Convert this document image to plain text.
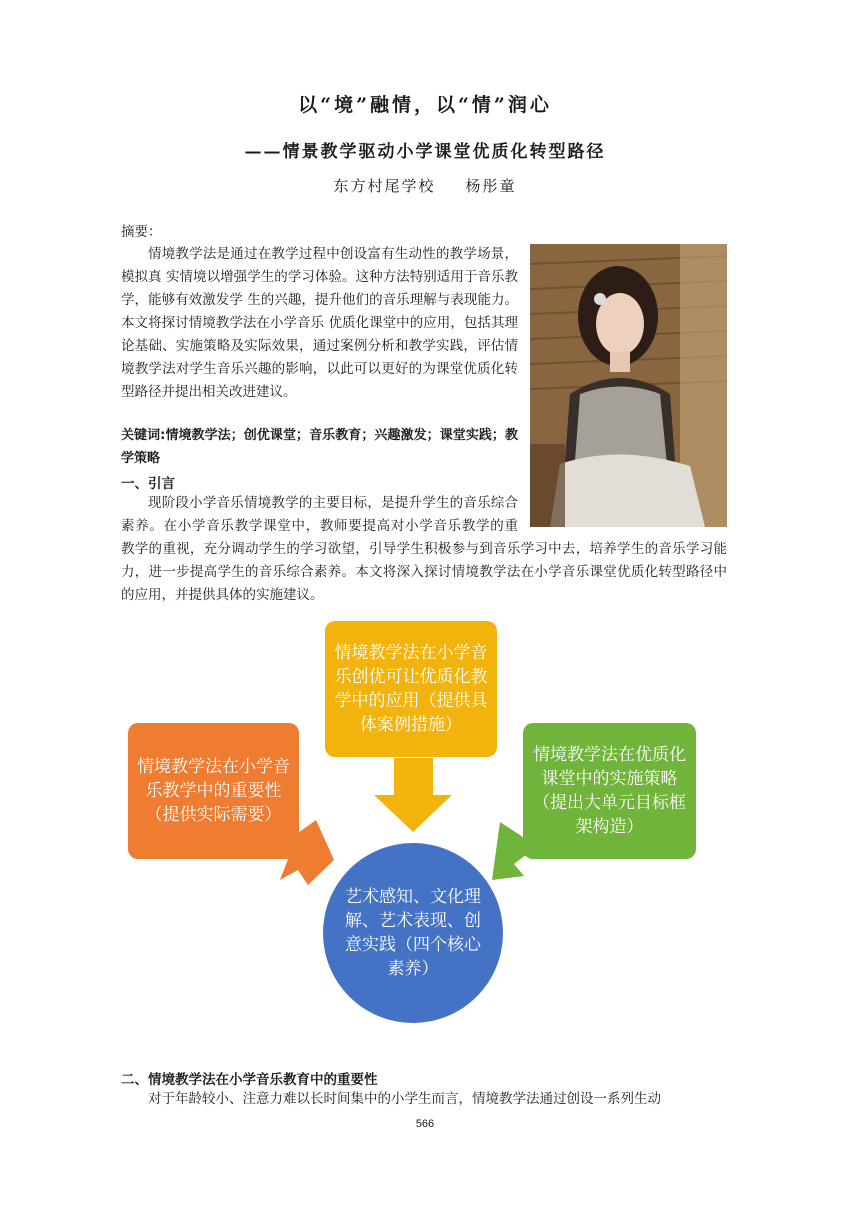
以“境”融情，以“情”润心
——情景教学驱动小学课堂优质化转型路径
东方村尾学校 杨彤童
摘要：
情境教学法是通过在教学过程中创设富有生动性的教学场景，模拟真 实情境以增强学生的学习体验。这种方法特别适用于音乐教学，能够有效激发学 生的兴趣，提升他们的音乐理解与表现能力。本文将探讨情境教学法在小学音乐 优质化课堂中的应用，包括其理论基础、实施策略及实际效果，通过案例分析和教学实践，评估情境教学法对学生音乐兴趣的影响，以此可以更好的为课堂优质化转型路径并提出相关改进建议。
关键词:情境教学法；创优课堂；音乐教育；兴趣激发；课堂实践；教学策略
一、引言
现阶段小学音乐情境教学的主要目标，是提升学生的音乐综合素养。在小学音乐教学课堂中，教师要提高对小学音乐教学的重
教学的重视，充分调动学生的学习欲望，引导学生积极参与到音乐学习中去，培养学生的音乐学习能力，进一步提高学生的音乐综合素养。本文将深入探讨情境教学法在小学音乐课堂优质化转型路径中的应用，并提供具体的实施建议。
情境教学法在小学音乐创优可让优质化教学中的应用（提供具体案例措施）
情境教学法在小学音乐教学中的重要性（提供实际需要）
情境教学法在优质化课堂中的实施策略（提出大单元目标框架构造）
艺术感知、文化理解、艺术表现、创意实践（四个核心素养）
二、情境教学法在小学音乐教育中的重要性
对于年龄较小、注意力难以长时间集中的小学生而言，情境教学法通过创设一系列生动
566
